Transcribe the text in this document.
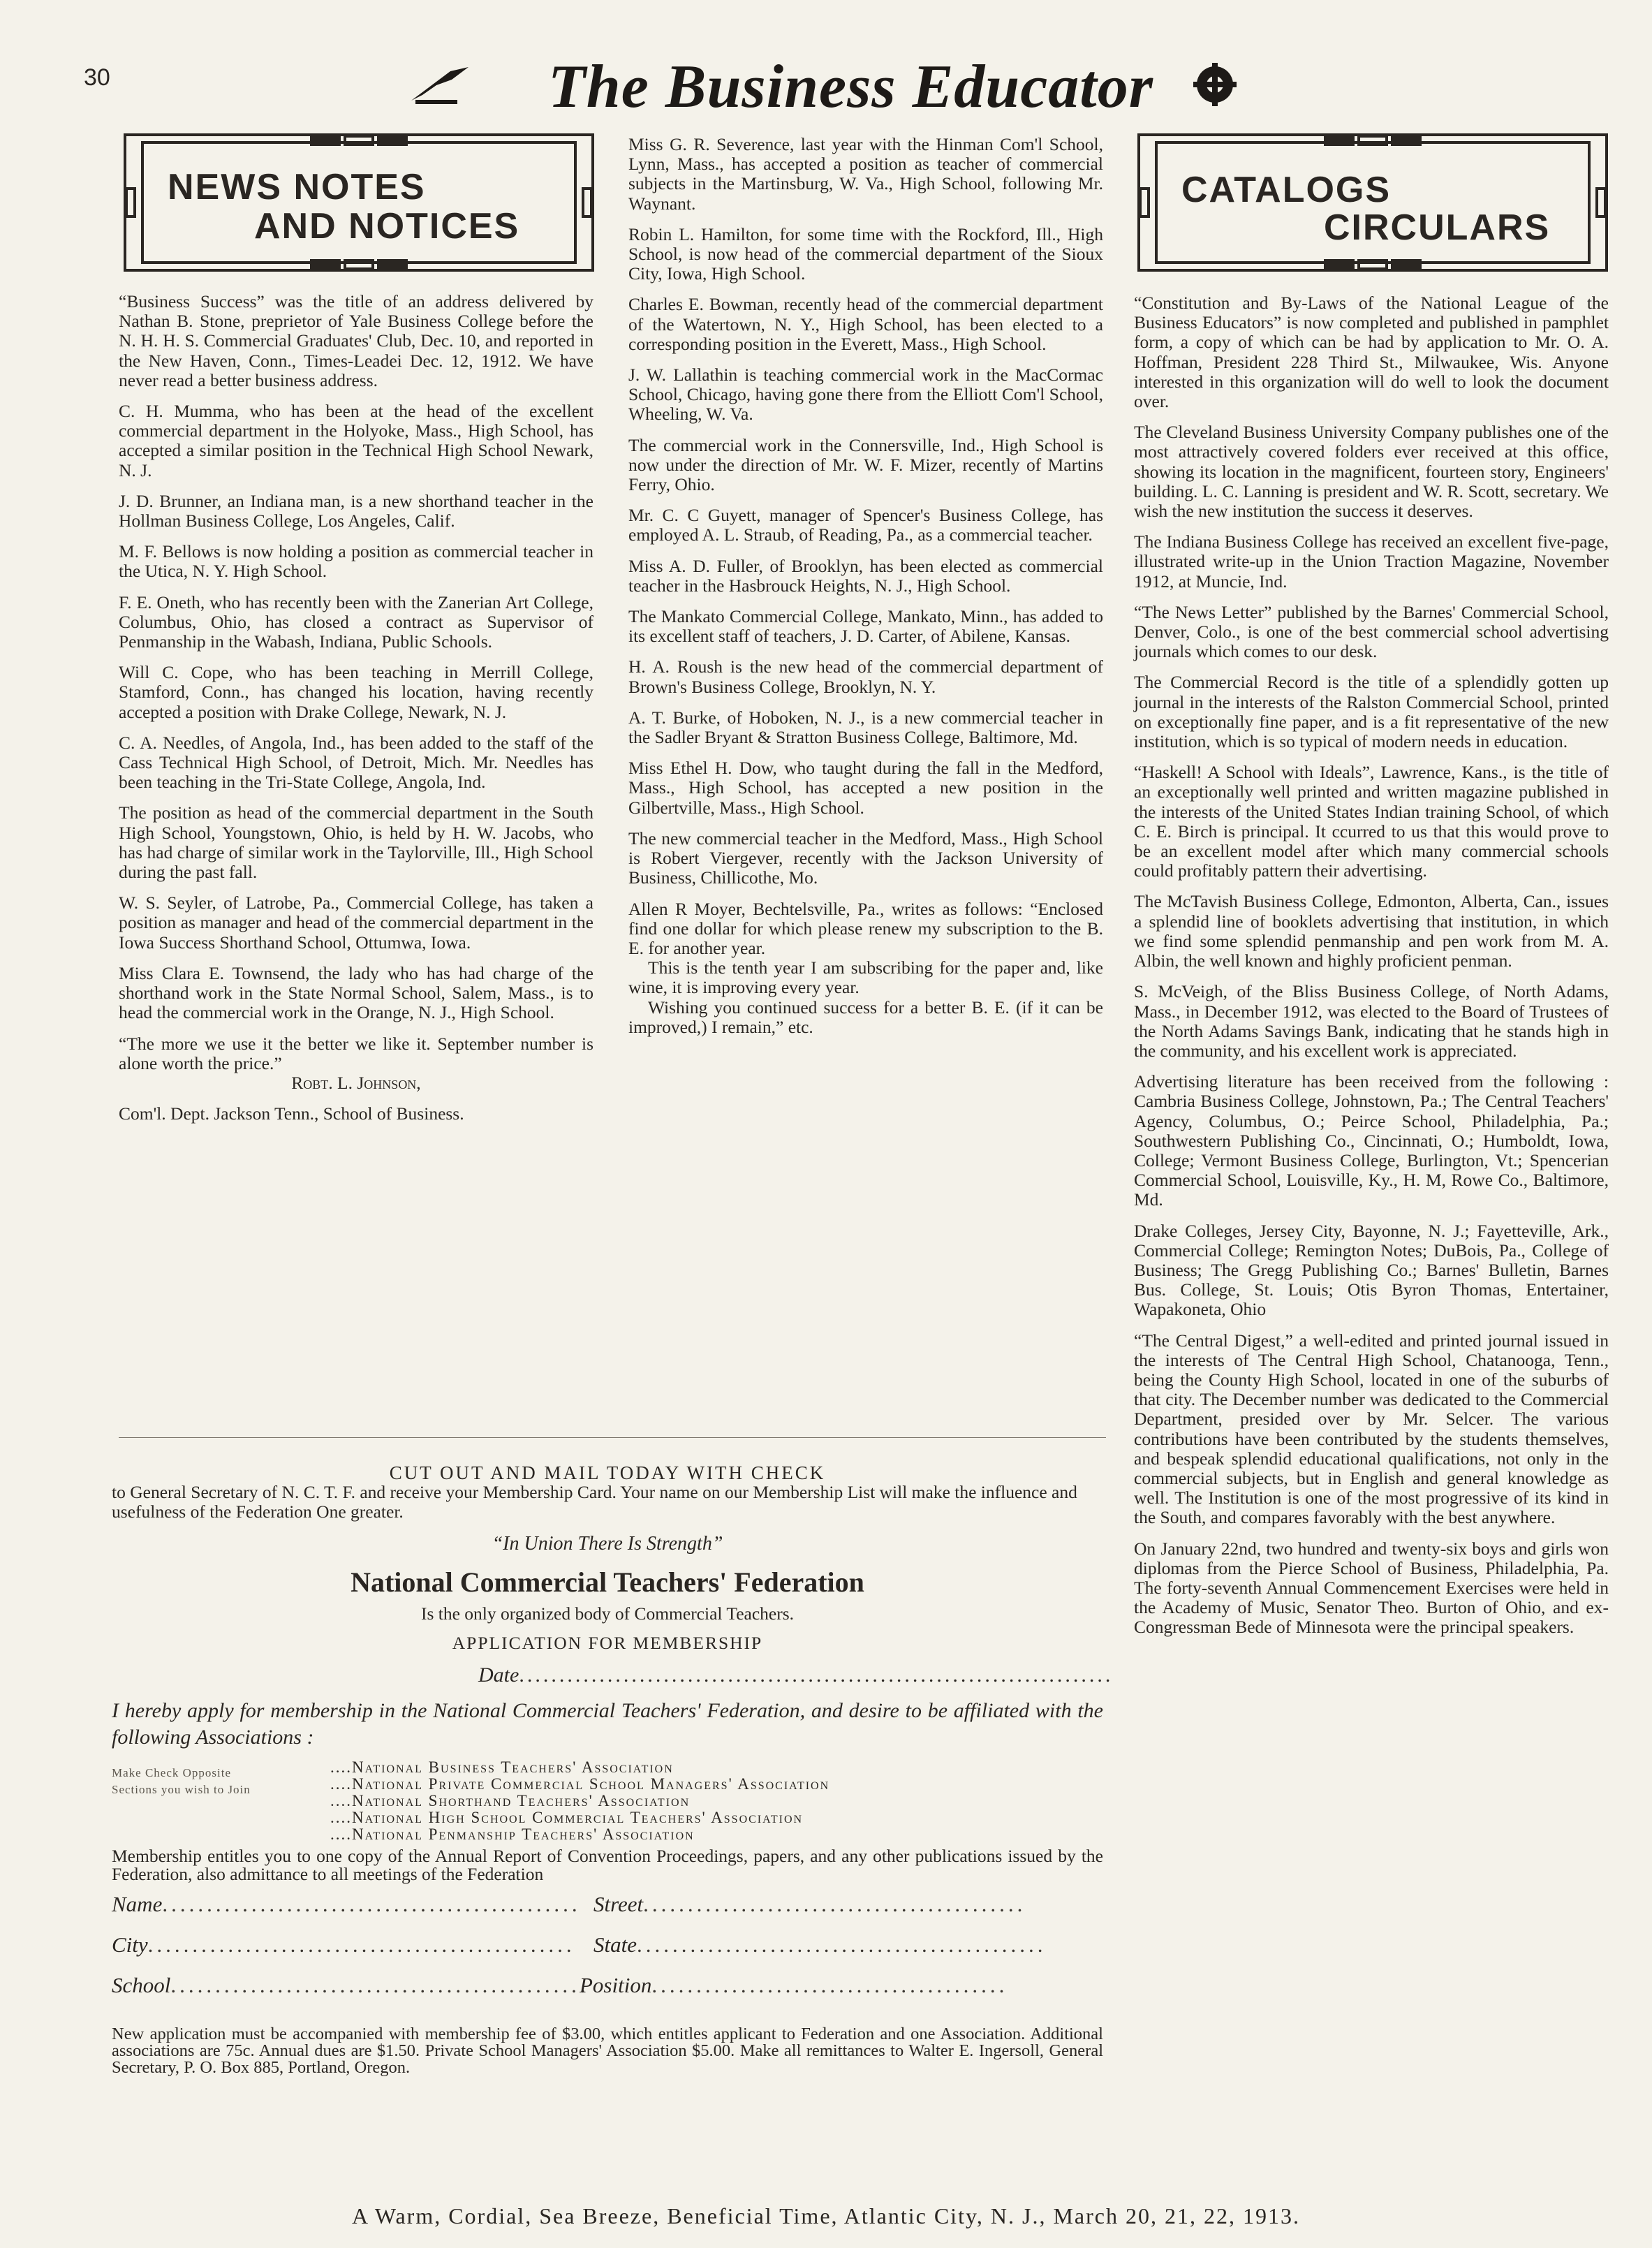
30	The Business Educator
NEWS NOTES
AND NOTICES

“Business Success” was the title of an address delivered by Nathan B. Stone, preprietor of Yale Business College before the N. H. H. S. Commercial Graduates' Club, Dec. 10, and reported in the New Haven, Conn., Times-Leadei Dec. 12, 1912. We have never read a better business address.

C. H. Mumma, who has been at the head of the excellent commercial department in the Holyoke, Mass., High School, has accepted a similar position in the Technical High School Newark, N. J.

J. D. Brunner, an Indiana man, is a new shorthand teacher in the Hollman Business College, Los Angeles, Calif.

M. F. Bellows is now holding a position as commercial teacher in the Utica, N. Y. High School.

F. E. Oneth, who has recently been with the Zanerian Art College, Columbus, Ohio, has closed a contract as Supervisor of Penmanship in the Wabash, Indiana, Public Schools.

Will C. Cope, who has been teaching in Merrill College, Stamford, Conn., has changed his location, having recently accepted a position with Drake College, Newark, N. J.

C. A. Needles, of Angola, Ind., has been added to the staff of the Cass Technical High School, of Detroit, Mich. Mr. Needles has been teaching in the Tri-State College, Angola, Ind.

The position as head of the commercial department in the South High School, Youngstown, Ohio, is held by H. W. Jacobs, who has had charge of similar work in the Taylorville, Ill., High School during the past fall.

W. S. Seyler, of Latrobe, Pa., Commercial College, has taken a position as manager and head of the commercial department in the Iowa Success Shorthand School, Ottumwa, Iowa.

Miss Clara E. Townsend, the lady who has had charge of the shorthand work in the State Normal School, Salem, Mass., is to head the commercial work in the Orange, N. J., High School.

“The more we use it the better we like it. September number is alone worth the price.”

Robt. L. Johnson,

Com'l. Dept. Jackson Tenn., School of Business.

Miss G. R. Severence, last year with the Hinman Com'l School, Lynn, Mass., has accepted a position as teacher of commercial subjects in the Martinsburg, W. Va., High School, following Mr. Waynant.

Robin L. Hamilton, for some time with the Rockford, Ill., High School, is now head of the commercial department of the Sioux City, Iowa, High School.

Charles E. Bowman, recently head of the commercial department of the Watertown, N. Y., High School, has been elected to a corresponding position in the Everett, Mass., High School.

J. W. Lallathin is teaching commercial work in the MacCormac School, Chicago, having gone there from the Elliott Com'l School, Wheeling, W. Va.

The commercial work in the Connersville, Ind., High School is now under the direction of Mr. W. F. Mizer, recently of Martins Ferry, Ohio.

Mr. C. C Guyett, manager of Spencer's Business College, has employed A. L. Straub, of Reading, Pa., as a commercial teacher.

Miss A. D. Fuller, of Brooklyn, has been elected as commercial teacher in the Hasbrouck Heights, N. J., High School.

The Mankato Commercial College, Mankato, Minn., has added to its excellent staff of teachers, J. D. Carter, of Abilene, Kansas.

H. A. Roush is the new head of the commercial department of Brown's Business College, Brooklyn, N. Y.

A. T. Burke, of Hoboken, N. J., is a new commercial teacher in the Sadler Bryant & Stratton Business College, Baltimore, Md.

Miss Ethel H. Dow, who taught during the fall in the Medford, Mass., High School, has accepted a new position in the Gilbertville, Mass., High School.

The new commercial teacher in the Medford, Mass., High School is Robert Viergever, recently with the Jackson University of Business, Chillicothe, Mo.

Allen R Moyer, Bechtelsville, Pa., writes as follows: “Enclosed find one dollar for which please renew my subscription to the B. E. for another year.

This is the tenth year I am subscribing for the paper and, like wine, it is improving every year.

Wishing you continued success for a better B. E. (if it can be improved,) I remain,” etc.

CATALOGS
CIRCULARS

“Constitution and By-Laws of the National League of the Business Educators” is now completed and published in pamphlet form, a copy of which can be had by application to Mr. O. A. Hoffman, President 228 Third St., Milwaukee, Wis. Anyone interested in this organization will do well to look the document over.

The Cleveland Business University Company publishes one of the most attractively covered folders ever received at this office, showing its location in the magnificent, fourteen story, Engineers' building. L. C. Lanning is president and W. R. Scott, secretary. We wish the new institution the success it deserves.

The Indiana Business College has received an excellent five-page, illustrated write-up in the Union Traction Magazine, November 1912, at Muncie, Ind.

“The News Letter” published by the Barnes' Commercial School, Denver, Colo., is one of the best commercial school advertising journals which comes to our desk.

The Commercial Record is the title of a splendidly gotten up journal in the interests of the Ralston Commercial School, printed on exceptionally fine paper, and is a fit representative of the new institution, which is so typical of modern needs in education.

“Haskell! A School with Ideals”, Lawrence, Kans., is the title of an exceptionally well printed and written magazine published in the interests of the United States Indian training School, of which C. E. Birch is principal. It ccurred to us that this would prove to be an excellent model after which many commercial schools could profitably pattern their advertising.

The McTavish Business College, Edmonton, Alberta, Can., issues a splendid line of booklets advertising that institution, in which we find some splendid penmanship and pen work from M. A. Albin, the well known and highly proficient penman.

S. McVeigh, of the Bliss Business College, of North Adams, Mass., in December 1912, was elected to the Board of Trustees of the North Adams Savings Bank, indicating that he stands high in the community, and his excellent work is appreciated.

Advertising literature has been received from the following : Cambria Business College, Johnstown, Pa.; The Central Teachers' Agency, Columbus, O.; Peirce School, Philadelphia, Pa.; Southwestern Publishing Co., Cincinnati, O.; Humboldt, Iowa, College; Vermont Business College, Burlington, Vt.; Spencerian Commercial School, Louisville, Ky., H. M, Rowe Co., Baltimore, Md.

Drake Colleges, Jersey City, Bayonne, N. J.; Fayetteville, Ark., Commercial College; Remington Notes; DuBois, Pa., College of Business; The Gregg Publishing Co.; Barnes' Bulletin, Barnes Bus. College, St. Louis; Otis Byron Thomas, Entertainer, Wapakoneta, Ohio

“The Central Digest,” a well-edited and printed journal issued in the interests of The Central High School, Chatanooga, Tenn., being the County High School, located in one of the suburbs of that city. The December number was dedicated to the Commercial Department, presided over by Mr. Selcer. The various contributions have been contributed by the students themselves, and bespeak splendid educational qualifications, not only in the commercial subjects, but in English and general knowledge as well. The Institution is one of the most progressive of its kind in the South, and compares favorably with the best anywhere.

On January 22nd, two hundred and twenty-six boys and girls won diplomas from the Pierce School of Business, Philadelphia, Pa. The forty-seventh Annual Commencement Exercises were held in the Academy of Music, Senator Theo. Burton of Ohio, and ex-Congressman Bede of Minnesota were the principal speakers.

CUT OUT AND MAIL TODAY WITH CHECK
to General Secretary of N. C. T. F. and receive your Membership Card. Your name on our Membership List will make the influence and usefulness of the Federation One greater.
“In Union There Is Strength”
National Commercial Teachers' Federation
Is the only organized body of Commercial Teachers.
APPLICATION FOR MEMBERSHIP
Date..........................................................................
I hereby apply for membership in the National Commercial Teachers' Federation, and desire to be affiliated with the following Associations :
Make Check Opposite Sections you wish to Join
....National Business Teachers' Association
....National Private Commercial School Managers' Association
....National Shorthand Teachers' Association
....National High School Commercial Teachers' Association
....National Penmanship Teachers' Association
Membership entitles you to one copy of the Annual Report of Convention Proceedings, papers, and any other publications issued by the Federation, also admittance to all meetings of the Federation
Name............................................... Street...........................................
City................................................ State..............................................
School...............................................
Position........................................
New application must be accompanied with membership fee of $3.00, which entitles applicant to Federation and one Association. Additional associations are 75c. Annual dues are $1.50. Private School Managers' Association $5.00. Make all remittances to Walter E. Ingersoll, General Secretary, P. O. Box 885, Portland, Oregon.
A Warm, Cordial, Sea Breeze, Beneficial Time, Atlantic City, N. J., March 20, 21, 22, 1913.
